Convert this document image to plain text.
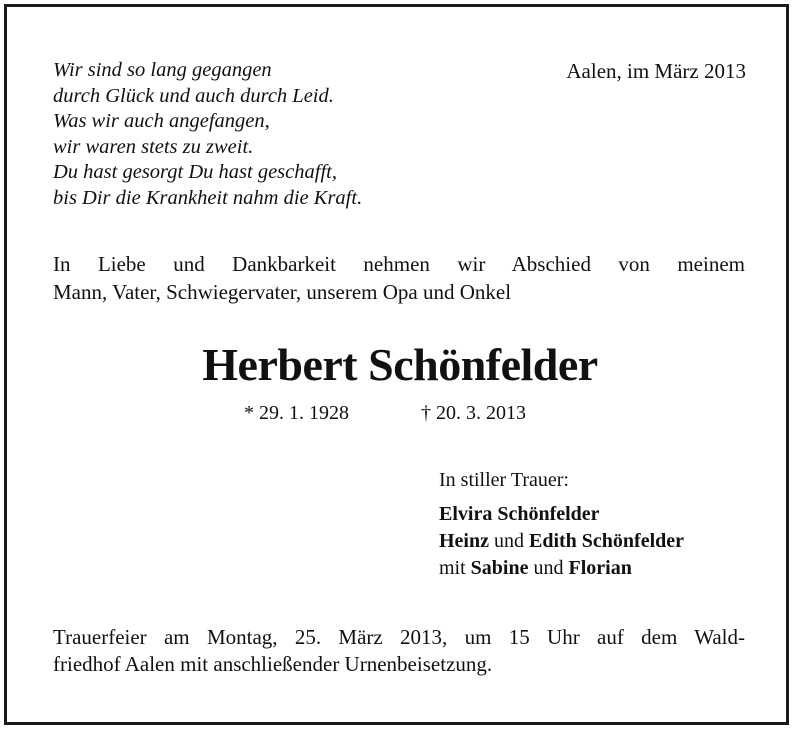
Wir sind so lang gegangen
durch Glück und auch durch Leid.
Was wir auch angefangen,
wir waren stets zu zweit.
Du hast gesorgt Du hast geschafft,
bis Dir die Krankheit nahm die Kraft.
Aalen, im März 2013
In Liebe und Dankbarkeit nehmen wir Abschied von meinem
Mann, Vater, Schwiegervater, unserem Opa und Onkel
Herbert Schönfelder
* 29. 1. 1928	† 20. 3. 2013
In stiller Trauer:
Elvira Schönfelder
Heinz und Edith Schönfelder
mit Sabine und Florian
Trauerfeier am Montag, 25. März 2013, um 15 Uhr auf dem Wald-
friedhof Aalen mit anschließender Urnenbeisetzung.
